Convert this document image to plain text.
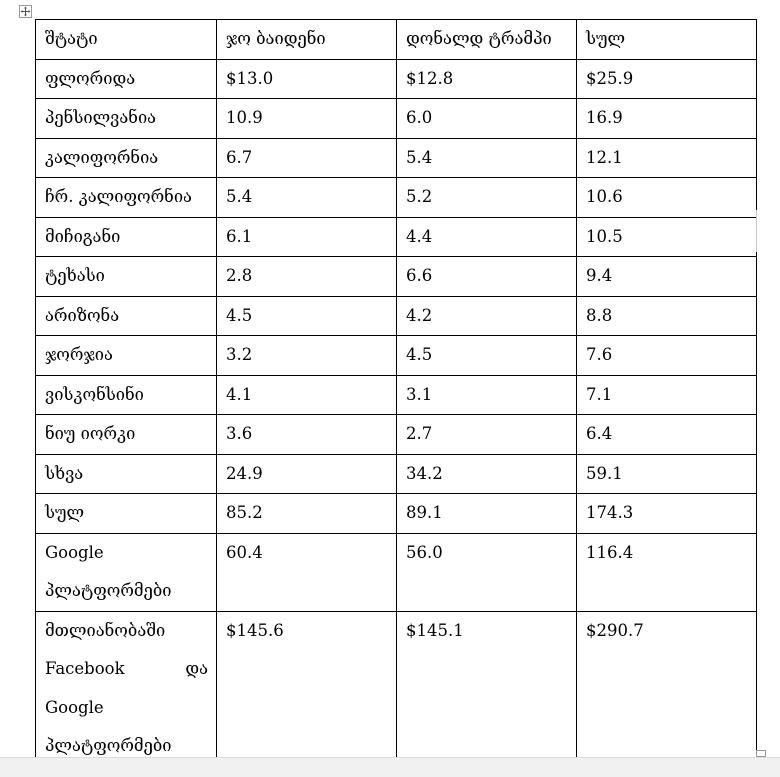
შტატი	ჯო ბაიდენი	დონალდ ტრამპი	სულ
ფლორიდა	$13.0	$12.8	$25.9
პენსილვანია	10.9	6.0	16.9
კალიფორნია	6.7	5.4	12.1
ჩრ. კალიფორნია	5.4	5.2	10.6
მიჩიგანი	6.1	4.4	10.5
ტეხასი	2.8	6.6	9.4
არიზონა	4.5	4.2	8.8
ჯორჯია	3.2	4.5	7.6
ვისკონსინი	4.1	3.1	7.1
ნიუ იორკი	3.6	2.7	6.4
სხვა	24.9	34.2	59.1
სულ	85.2	89.1	174.3

Google
პლატფორმები	60.4	56.0	116.4

მთლიანობაში
Facebook და
Google
პლატფორმები	$145.6	$145.1	$290.7
